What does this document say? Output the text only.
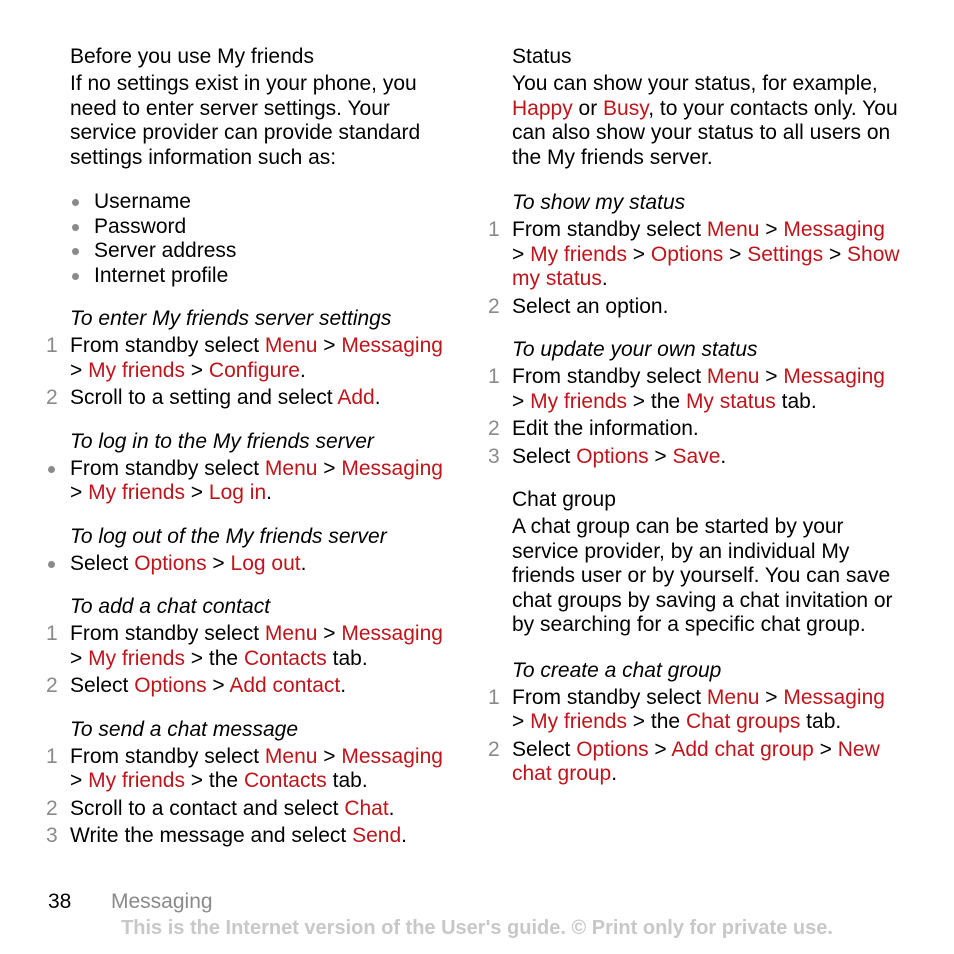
Before you use My friends
If no settings exist in your phone, you need to enter server settings. Your service provider can provide standard settings information such as:
Username
Password
Server address
Internet profile
To enter My friends server settings
1 From standby select Menu > Messaging > My friends > Configure.
2 Scroll to a setting and select Add.
To log in to the My friends server
From standby select Menu > Messaging > My friends > Log in.
To log out of the My friends server
Select Options > Log out.
To add a chat contact
1 From standby select Menu > Messaging > My friends > the Contacts tab.
2 Select Options > Add contact.
To send a chat message
1 From standby select Menu > Messaging > My friends > the Contacts tab.
2 Scroll to a contact and select Chat.
3 Write the message and select Send.
Status
You can show your status, for example, Happy or Busy, to your contacts only. You can also show your status to all users on the My friends server.
To show my status
1 From standby select Menu > Messaging > My friends > Options > Settings > Show my status.
2 Select an option.
To update your own status
1 From standby select Menu > Messaging > My friends > the My status tab.
2 Edit the information.
3 Select Options > Save.
Chat group
A chat group can be started by your service provider, by an individual My friends user or by yourself. You can save chat groups by saving a chat invitation or by searching for a specific chat group.
To create a chat group
1 From standby select Menu > Messaging > My friends > the Chat groups tab.
2 Select Options > Add chat group > New chat group.
38 Messaging
This is the Internet version of the User's guide. © Print only for private use.
